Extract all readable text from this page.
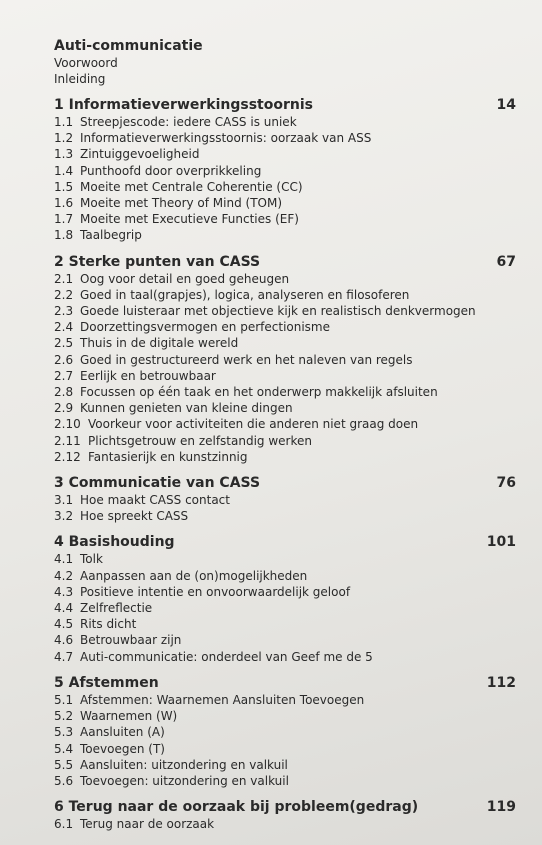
Auti-communicatie

Voorwoord

Inleiding

1 Informatieverwerkingsstoornis	14
1.1 Streepjescode: iedere CASS is uniek
1.2 Informatieverwerkingsstoornis: oorzaak van ASS
1.3 Zintuiggevoeligheid
1.4 Punthoofd door overprikkeling
1.5 Moeite met Centrale Coherentie (CC)
1.6 Moeite met Theory of Mind (TOM)
1.7 Moeite met Executieve Functies (EF)
1.8 Taalbegrip
2 Sterke punten van CASS	67
2.1 Oog voor detail en goed geheugen
2.2 Goed in taal(grapjes), logica, analyseren en filosoferen
2.3 Goede luisteraar met objectieve kijk en realistisch denkvermogen
2.4 Doorzettingsvermogen en perfectionisme
2.5 Thuis in de digitale wereld
2.6 Goed in gestructureerd werk en het naleven van regels
2.7 Eerlijk en betrouwbaar
2.8 Focussen op één taak en het onderwerp makkelijk afsluiten
2.9 Kunnen genieten van kleine dingen
2.10 Voorkeur voor activiteiten die anderen niet graag doen
2.11 Plichtsgetrouw en zelfstandig werken
2.12 Fantasierijk en kunstzinnig
3 Communicatie van CASS	76
3.1 Hoe maakt CASS contact
3.2 Hoe spreekt CASS
4 Basishouding	101
4.1 Tolk
4.2 Aanpassen aan de (on)mogelijkheden
4.3 Positieve intentie en onvoorwaardelijk geloof
4.4 Zelfreflectie
4.5 Rits dicht
4.6 Betrouwbaar zijn
4.7 Auti-communicatie: onderdeel van Geef me de 5
5 Afstemmen	112
5.1 Afstemmen: Waarnemen Aansluiten Toevoegen
5.2 Waarnemen (W)
5.3 Aansluiten (A)
5.4 Toevoegen (T)
5.5 Aansluiten: uitzondering en valkuil
5.6 Toevoegen: uitzondering en valkuil
6 Terug naar de oorzaak bij probleem(gedrag)	119
6.1 Terug naar de oorzaak
